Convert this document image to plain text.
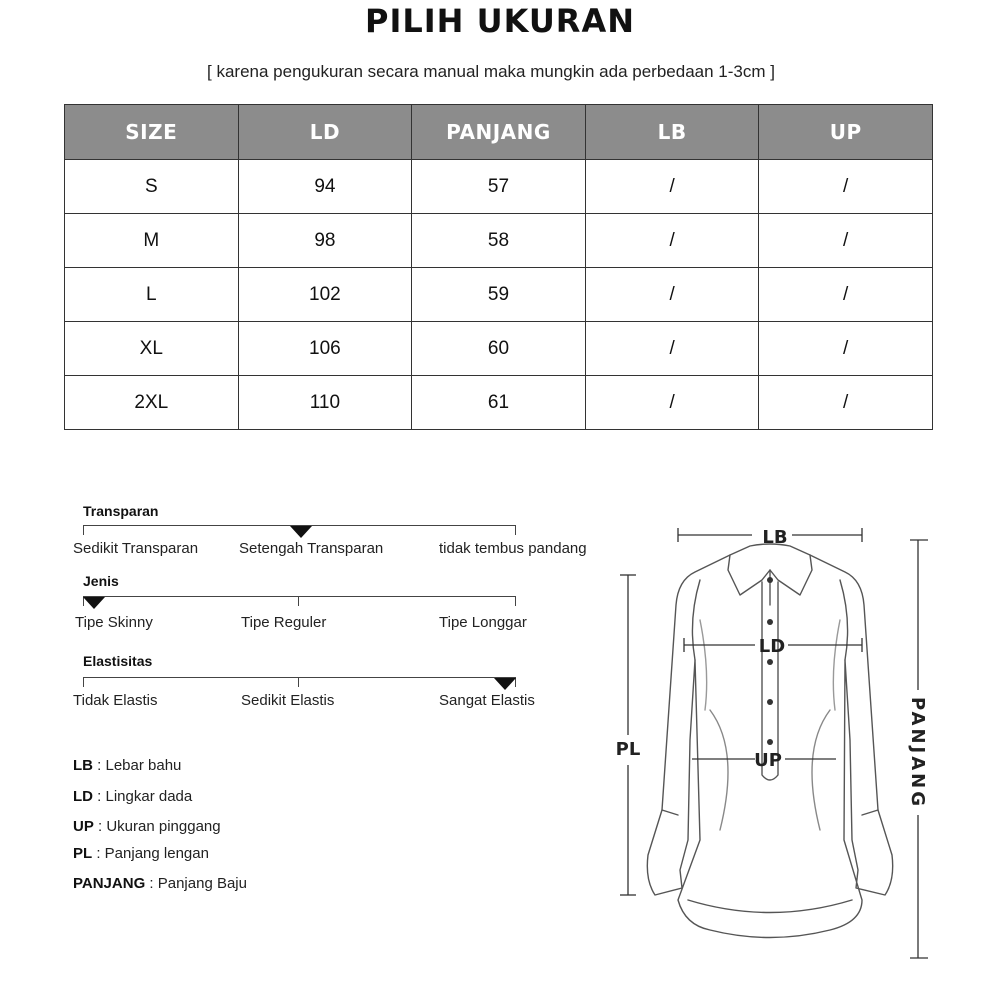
PILIH UKURAN
[ karena pengukuran secara manual maka mungkin ada perbedaan 1-3cm ]
SIZE	LD	PANJANG	LB	UP
S	94	57	/	/
M	98	58	/	/
L	102	59	/	/
XL	106	60	/	/
2XL	110	61	/	/
Transparan
Sedikit Transparan	Setengah Transparan	tidak tembus pandang
Jenis
Tipe Skinny	Tipe Reguler	Tipe Longgar
Elastisitas
Tidak Elastis	Sedikit Elastis	Sangat Elastis
LB : Lebar bahu
LD : Lingkar dada
UP : Ukuran pinggang
PL : Panjang lengan
PANJANG : Panjang Baju
LB
LD
UP
PL	PANJANG
